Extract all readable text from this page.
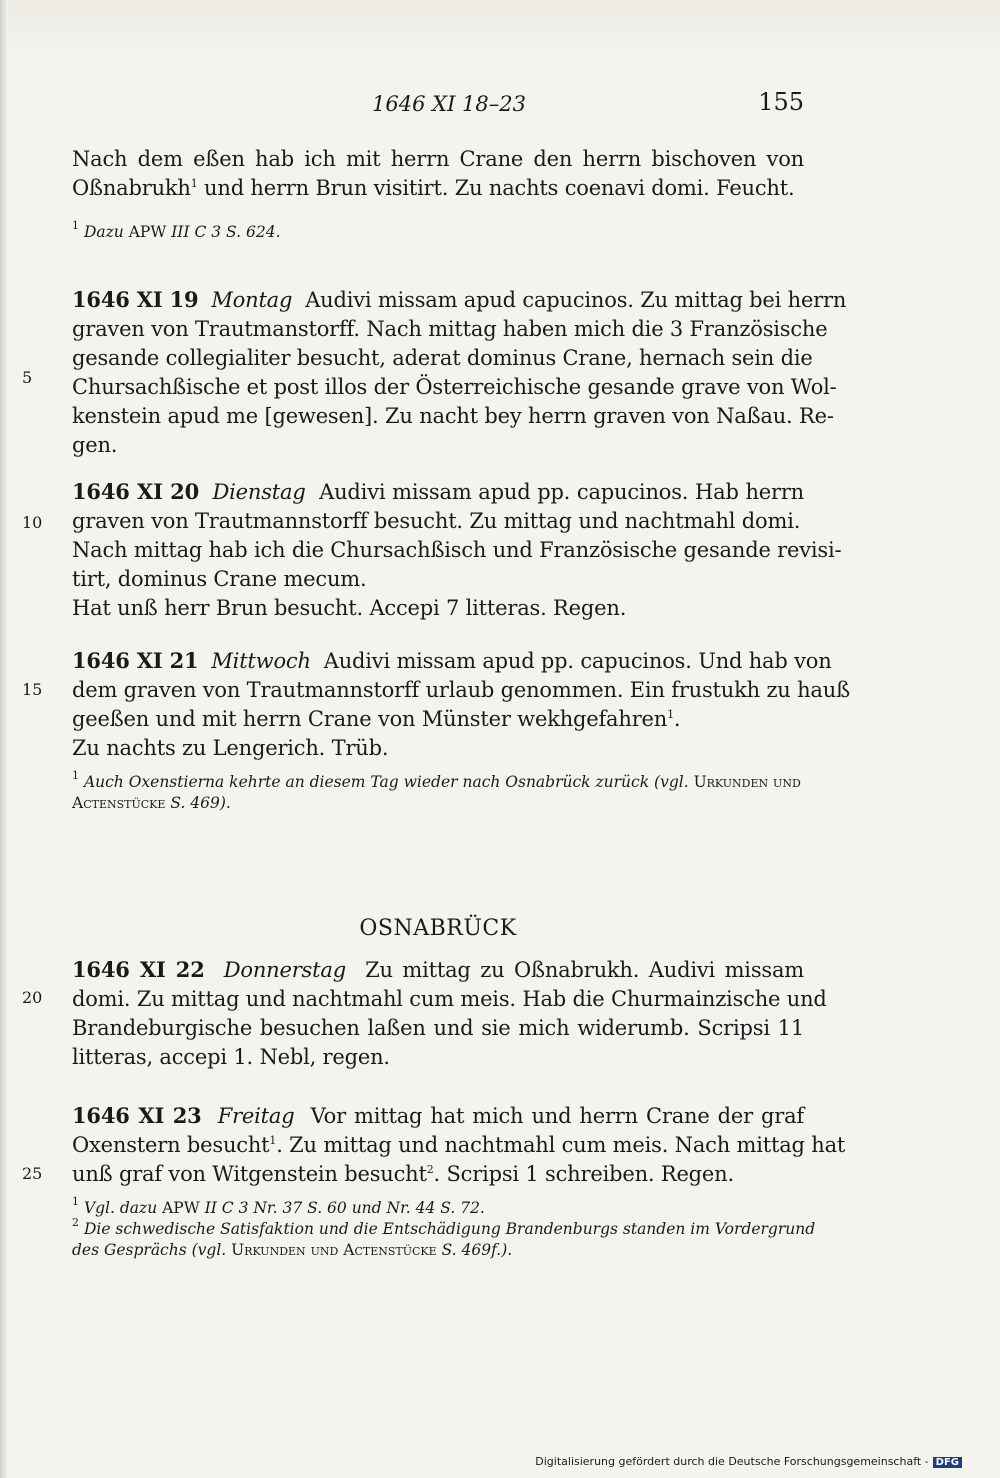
1646 XI 18–23	155
Nach dem eßen hab ich mit herrn Crane den herrn bischoven von
Oßnabrukh$^1$ und herrn Brun visitirt. Zu nachts coenavi domi. Feucht.
$^1$ Dazu APW III C 3 S. 624.
1646 XI 19 Montag Audivi missam apud capucinos. Zu mittag bei herrn
graven von Trautmanstorff. Nach mittag haben mich die 3 Französische
gesande collegialiter besucht, aderat dominus Crane, hernach sein die
Chursachßische et post illos der Österreichische gesande grave von Wol-
kenstein apud me [gewesen]. Zu nacht bey herrn graven von Naßau. Re-
gen.
1646 XI 20 Dienstag Audivi missam apud pp. capucinos. Hab herrn
graven von Trautmannstorff besucht. Zu mittag und nachtmahl domi.
Nach mittag hab ich die Chursachßisch und Französische gesande revisi-
tirt, dominus Crane mecum.
Hat unß herr Brun besucht. Accepi 7 litteras. Regen.
1646 XI 21 Mittwoch Audivi missam apud pp. capucinos. Und hab von
dem graven von Trautmannstorff urlaub genommen. Ein frustukh zu hauß
geeßen und mit herrn Crane von Münster wekhgefahren$^1$.
Zu nachts zu Lengerich. Trüb.
$^1$ Auch Oxenstierna kehrte an diesem Tag wieder nach Osnabrück zurück (vgl. Urkunden und
Actenstücke S. 469).
OSNABRÜCK
1646 XI 22 Donnerstag Zu mittag zu Oßnabrukh. Audivi missam
domi. Zu mittag und nachtmahl cum meis. Hab die Churmainzische und
Brandeburgische besuchen laßen und sie mich widerumb. Scripsi 11
litteras, accepi 1. Nebl, regen.
1646 XI 23 Freitag Vor mittag hat mich und herrn Crane der graf
Oxenstern besucht$^1$. Zu mittag und nachtmahl cum meis. Nach mittag hat
unß graf von Witgenstein besucht$^2$. Scripsi 1 schreiben. Regen.
$^1$ Vgl. dazu APW II C 3 Nr. 37 S. 60 und Nr. 44 S. 72.
$^2$ Die schwedische Satisfaktion und die Entschädigung Brandenburgs standen im Vordergrund
des Gesprächs (vgl. Urkunden und Actenstücke S. 469f.).
5
10
15
20
25
Digitalisierung gefördert durch die Deutsche Forschungsgemeinschaft - DFG
